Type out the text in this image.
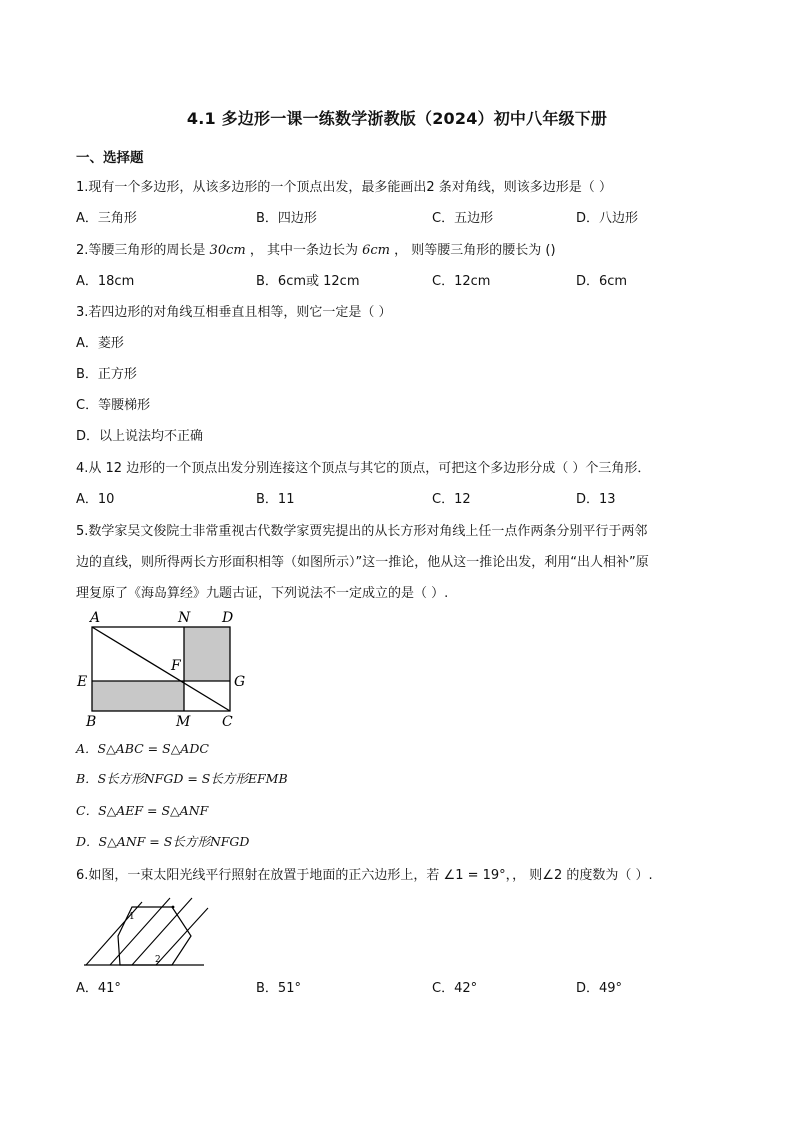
4.1 多边形一课一练数学浙教版（2024）初中八年级下册
一、选择题
1.现有一个多边形，从该多边形的一个顶点出发，最多能画出2 条对角线，则该多边形是（ ）
A．三角形	B．四边形	C．五边形	D．八边形
2.等腰三角形的周长是 30cm ， 其中一条边长为 6cm ， 则等腰三角形的腰长为 ()
A．18cm	B．6cm或 12cm	C．12cm	D．6cm
3.若四边形的对角线互相垂直且相等，则它一定是（ ）
A．菱形
B．正方形
C．等腰梯形
D．以上说法均不正确
4.从 12 边形的一个顶点出发分别连接这个顶点与其它的顶点，可把这个多边形分成（ ）个三角形．
A．10	B．11	C．12	D．13
5.数学家吴文俊院士非常重视古代数学家贾宪提出的从长方形对角线上任一点作两条分别平行于两邻
边的直线，则所得两长方形面积相等（如图所示）”这一推论，他从这一推论出发，利用“出人相补”原
理复原了《海岛算经》九题古证，下列说法不一定成立的是（ ）.
A	N D
F
E	G
B	M C
A．S△ABC = S△ADC
B．S长方形NFGD = S长方形EFMB
C．S△AEF = S△ANF
D．S△ANF = S长方形NFGD
6.如图，一束太阳光线平行照射在放置于地面的正六边形上，若 ∠1 = 19°，， 则∠2 的度数为（ ）.
1
2
A．41°	B．51°	C．42°	D．49°
